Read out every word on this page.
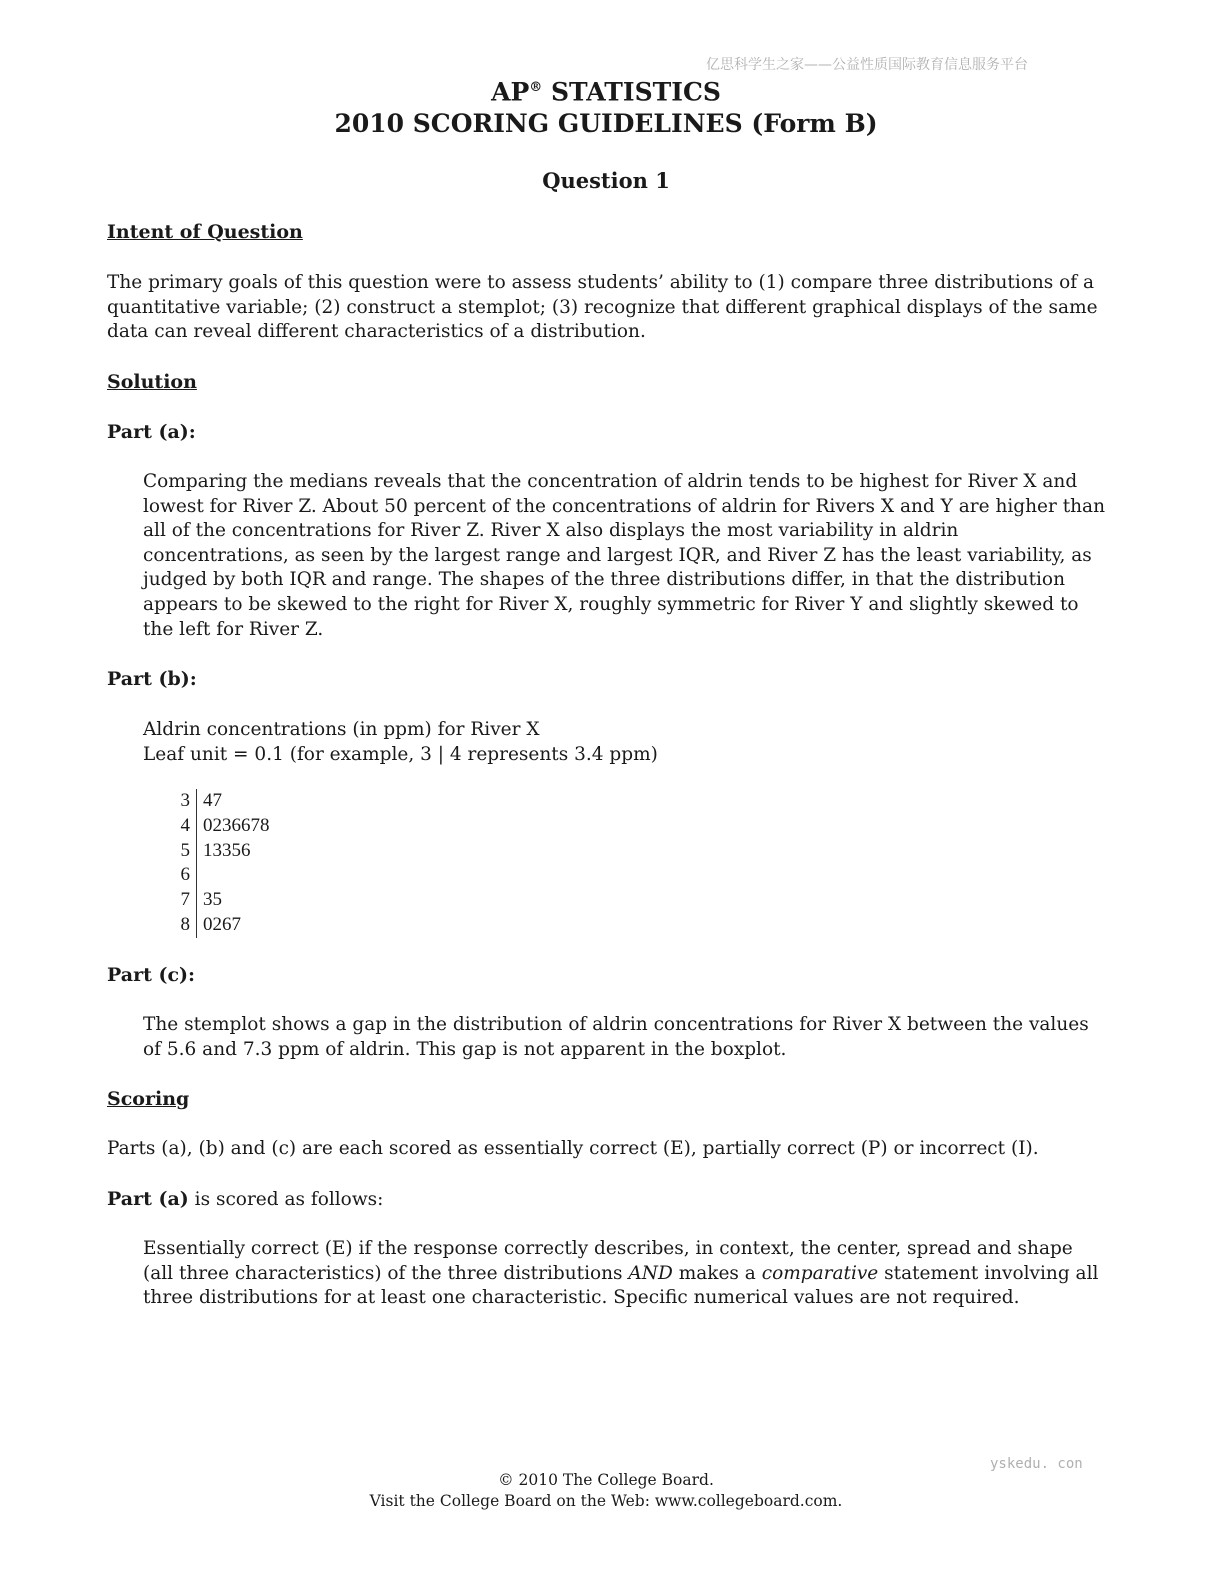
亿思科学生之家——公益性质国际教育信息服务平台
AP® STATISTICS
2010 SCORING GUIDELINES (Form B)
Question 1

Intent of Question

The primary goals of this question were to assess students’ ability to (1) compare three distributions of a quantitative variable; (2) construct a stemplot; (3) recognize that different graphical displays of the same data can reveal different characteristics of a distribution.

Solution

Part (a):

Comparing the medians reveals that the concentration of aldrin tends to be highest for River X and lowest for River Z. About 50 percent of the concentrations of aldrin for Rivers X and Y are higher than all of the concentrations for River Z. River X also displays the most variability in aldrin concentrations, as seen by the largest range and largest IQR, and River Z has the least variability, as judged by both IQR and range. The shapes of the three distributions differ, in that the distribution appears to be skewed to the right for River X, roughly symmetric for River Y and slightly skewed to the left for River Z.

Part (b):

Aldrin concentrations (in ppm) for River X

Leaf unit = 0.1 (for example, 3 | 4 represents 3.4 ppm)

3	47
4	0236678
5	13356
6	
7	35
8	0267

Part (c):

The stemplot shows a gap in the distribution of aldrin concentrations for River X between the values of 5.6 and 7.3 ppm of aldrin. This gap is not apparent in the boxplot.

Scoring

Parts (a), (b) and (c) are each scored as essentially correct (E), partially correct (P) or incorrect (I).

Part (a) is scored as follows:

Essentially correct (E) if the response correctly describes, in context, the center, spread and shape (all three characteristics) of the three distributions AND makes a comparative statement involving all three distributions for at least one characteristic. Specific numerical values are not required.

yskedu. con
© 2010 The College Board.
Visit the College Board on the Web: www.collegeboard.com.
